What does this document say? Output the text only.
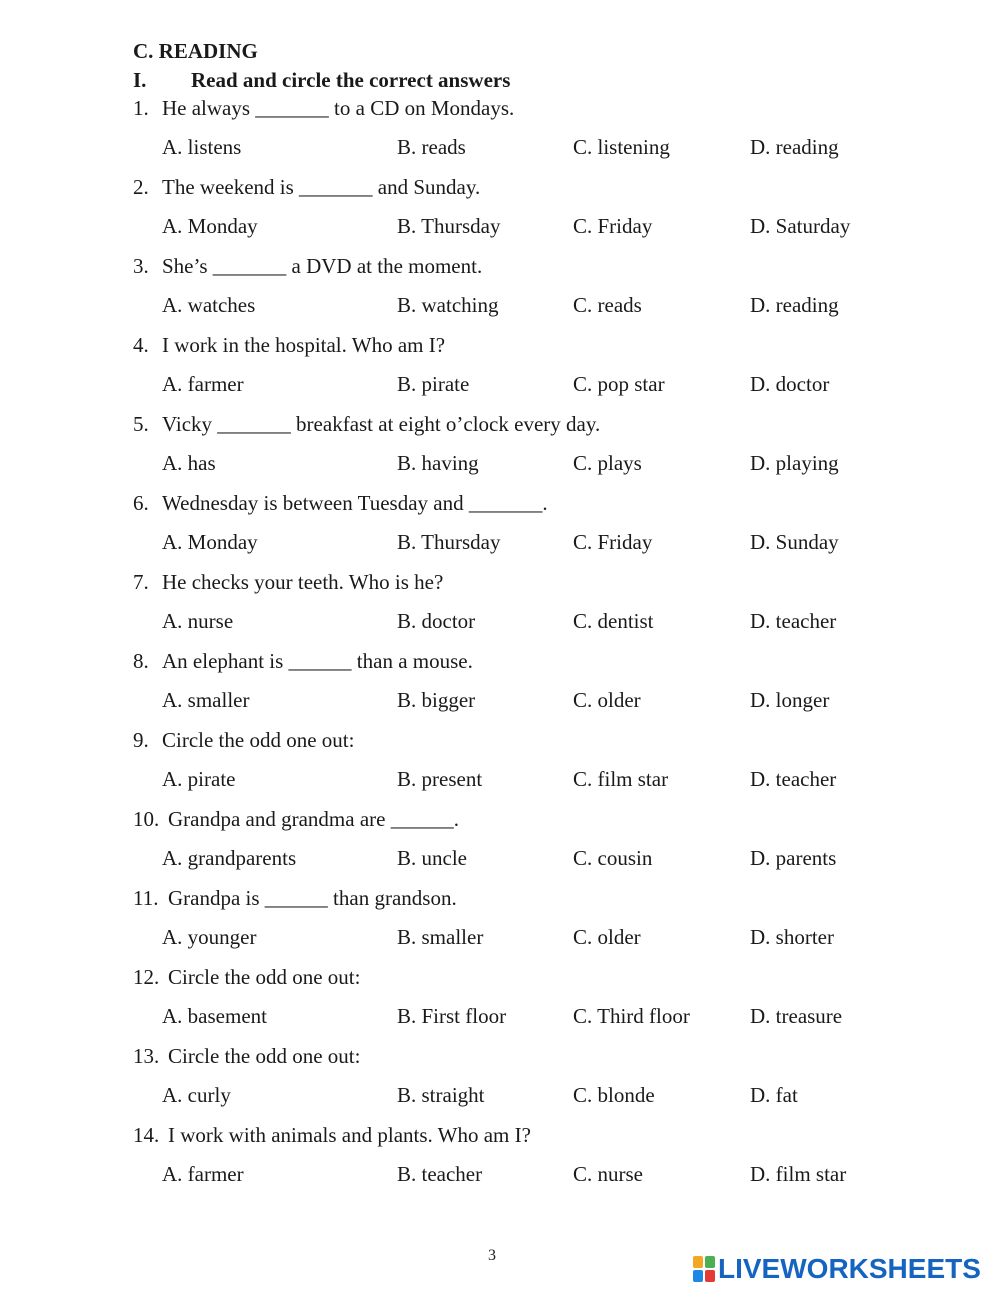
C. READING
I. Read and circle the correct answers
1. He always _______ to a CD on Mondays.
A. listens	B. reads	C. listening	D. reading
2. The weekend is _______ and Sunday.
A. Monday	B. Thursday	C. Friday	D. Saturday
3. She’s _______ a DVD at the moment.
A. watches	B. watching	C. reads	D. reading
4. I work in the hospital. Who am I?
A. farmer	B. pirate	C. pop star	D. doctor
5. Vicky _______ breakfast at eight o’clock every day.
A. has	B. having	C. plays	D. playing
6. Wednesday is between Tuesday and _______.
A. Monday	B. Thursday	C. Friday	D. Sunday
7. He checks your teeth. Who is he?
A. nurse	B. doctor	C. dentist	D. teacher
8. An elephant is ______ than a mouse.
A. smaller	B. bigger	C. older	D. longer
9. Circle the odd one out:
A. pirate	B. present	C. film star	D. teacher
10. Grandpa and grandma are ______.
A. grandparents	B. uncle	C. cousin	D. parents
11. Grandpa is ______ than grandson.
A. younger	B. smaller	C. older	D. shorter
12. Circle the odd one out:
A. basement	B. First floor	C. Third floor	D. treasure
13. Circle the odd one out:
A. curly	B. straight	C. blonde	D. fat
14. I work with animals and plants. Who am I?
A. farmer	B. teacher	C. nurse	D. film star
3	LIVEWORKSHEETS
